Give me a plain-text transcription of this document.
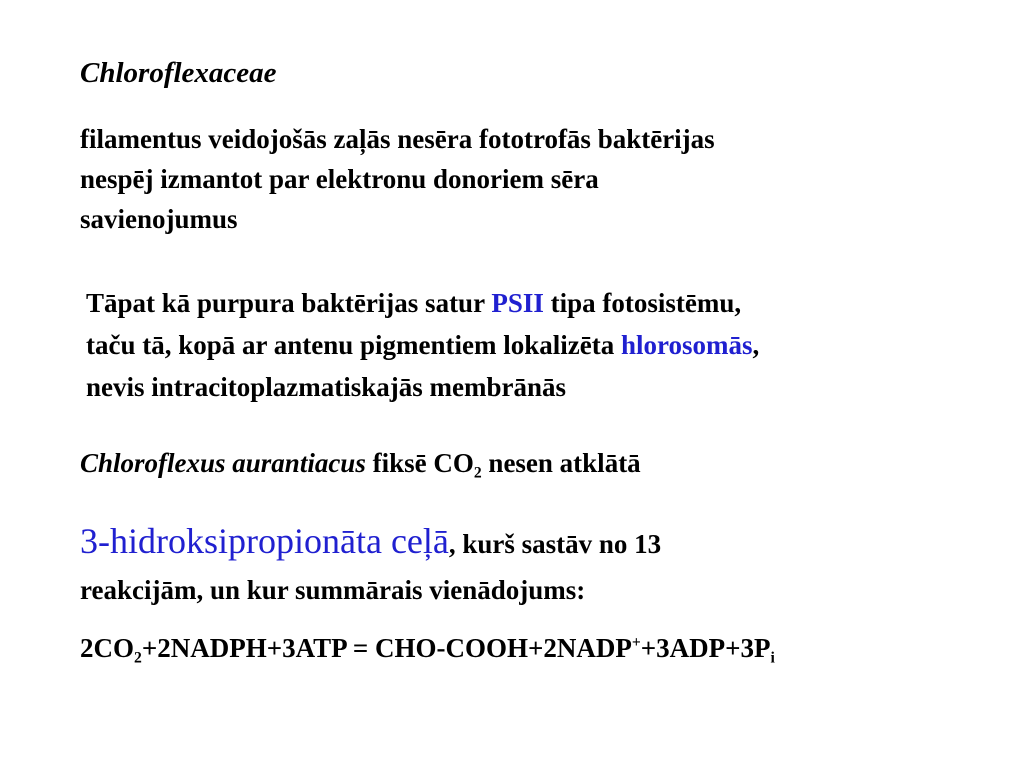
Chloroflexaceae

filamentus veidojošās zaļās nesēra fototrofās baktērijas
nespēj izmantot par elektronu donoriem sēra
savienojumus

Tāpat kā purpura baktērijas satur PSII tipa fotosistēmu,
taču tā, kopā ar antenu pigmentiem lokalizēta hlorosomās,
nevis intracitoplazmatiskajās membrānās

Chloroflexus aurantiacus fiksē $CO_2$ nesen atklātā

3-hidroksipropionāta ceļā, kurš sastāv no 13
reakcijām, un kur summārais vienādojums:

$2CO_2+2NADPH+3ATP$ = CHO-$COOH+2NADP^++3ADP+3P_i$
